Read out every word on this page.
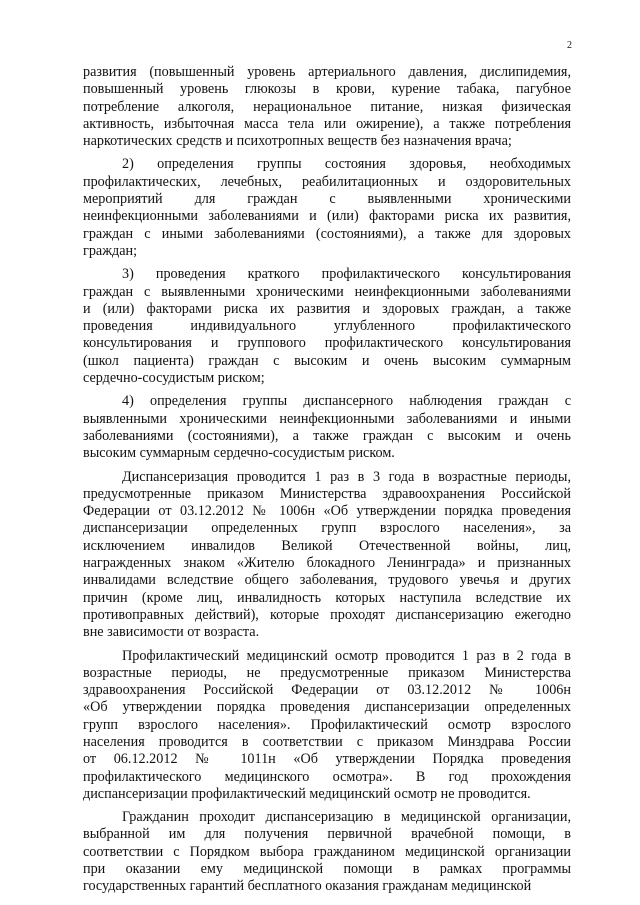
2
развития (повышенный уровень артериального давления, дислипидемия,
повышенный уровень глюкозы в крови, курение табака, пагубное
потребление алкоголя, нерациональное питание, низкая физическая
активность, избыточная масса тела или ожирение), а также потребления
наркотических средств и психотропных веществ без назначения врача;
2) определения группы состояния здоровья, необходимых
профилактических, лечебных, реабилитационных и оздоровительных
мероприятий для граждан с выявленными хроническими
неинфекционными заболеваниями и (или) факторами риска их развития,
граждан с иными заболеваниями (состояниями), а также для здоровых
граждан;
3) проведения краткого профилактического консультирования
граждан с выявленными хроническими неинфекционными заболеваниями
и (или) факторами риска их развития и здоровых граждан, а также
проведения индивидуального углубленного профилактического
консультирования и группового профилактического консультирования
(школ пациента) граждан с высоким и очень высоким суммарным
сердечно-сосудистым риском;
4) определения группы диспансерного наблюдения граждан с
выявленными хроническими неинфекционными заболеваниями и иными
заболеваниями (состояниями), а также граждан с высоким и очень
высоким суммарным сердечно-сосудистым риском.
Диспансеризация проводится 1 раз в 3 года в возрастные периоды,
предусмотренные приказом Министерства здравоохранения Российской
Федерации от 03.12.2012 № 1006н «Об утверждении порядка проведения
диспансеризации определенных групп взрослого населения», за
исключением инвалидов Великой Отечественной войны, лиц,
награжденных знаком «Жителю блокадного Ленинграда» и признанных
инвалидами вследствие общего заболевания, трудового увечья и других
причин (кроме лиц, инвалидность которых наступила вследствие их
противоправных действий), которые проходят диспансеризацию ежегодно
вне зависимости от возраста.
Профилактический медицинский осмотр проводится 1 раз в 2 года в
возрастные периоды, не предусмотренные приказом Министерства
здравоохранения Российской Федерации от 03.12.2012 № 1006н
«Об утверждении порядка проведения диспансеризации определенных
групп взрослого населения». Профилактический осмотр взрослого
населения проводится в соответствии с приказом Минздрава России
от 06.12.2012 № 1011н «Об утверждении Порядка проведения
профилактического медицинского осмотра». В год прохождения
диспансеризации профилактический медицинский осмотр не проводится.
Гражданин проходит диспансеризацию в медицинской организации,
выбранной им для получения первичной врачебной помощи, в
соответствии с Порядком выбора гражданином медицинской организации
при оказании ему медицинской помощи в рамках программы
государственных гарантий бесплатного оказания гражданам медицинской
